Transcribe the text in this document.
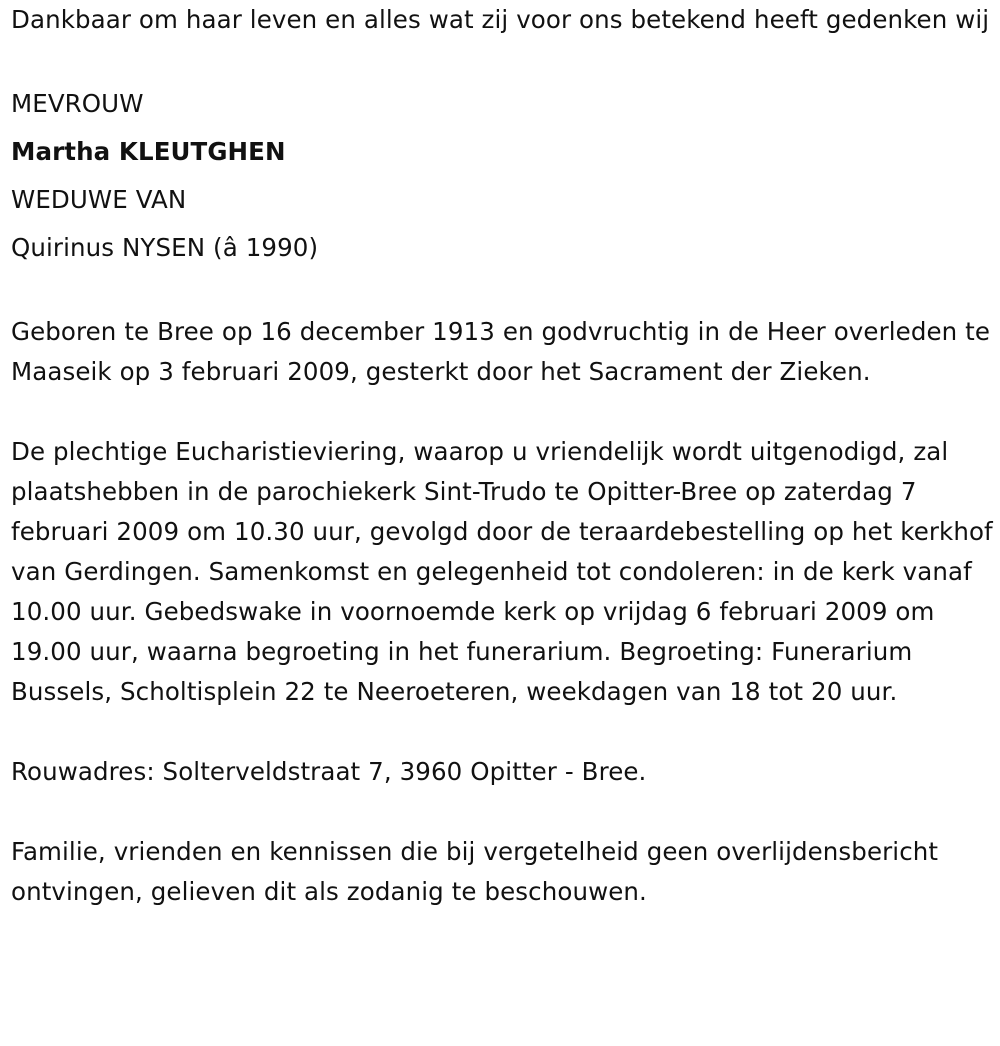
Dankbaar om haar leven en alles wat zij voor ons betekend heeft gedenken wij

MEVROUW

Martha KLEUTGHEN

WEDUWE VAN

Quirinus NYSEN (â 1990)

Geboren te Bree op 16 december 1913 en godvruchtig in de Heer overleden te Maaseik op 3 februari 2009, gesterkt door het Sacrament der Zieken.

De plechtige Eucharistieviering, waarop u vriendelijk wordt uitgenodigd, zal plaatshebben in de parochiekerk Sint-Trudo te Opitter-Bree op zaterdag 7 februari 2009 om 10.30 uur, gevolgd door de teraardebestelling op het kerkhof van Gerdingen. Samenkomst en gelegenheid tot condoleren: in de kerk vanaf 10.00 uur. Gebedswake in voornoemde kerk op vrijdag 6 februari 2009 om 19.00 uur, waarna begroeting in het funerarium. Begroeting: Funerarium Bussels, Scholtisplein 22 te Neeroeteren, weekdagen van 18 tot 20 uur.

Rouwadres: Solterveldstraat 7, 3960 Opitter - Bree.

Familie, vrienden en kennissen die bij vergetelheid geen overlijdensbericht ontvingen, gelieven dit als zodanig te beschouwen.
